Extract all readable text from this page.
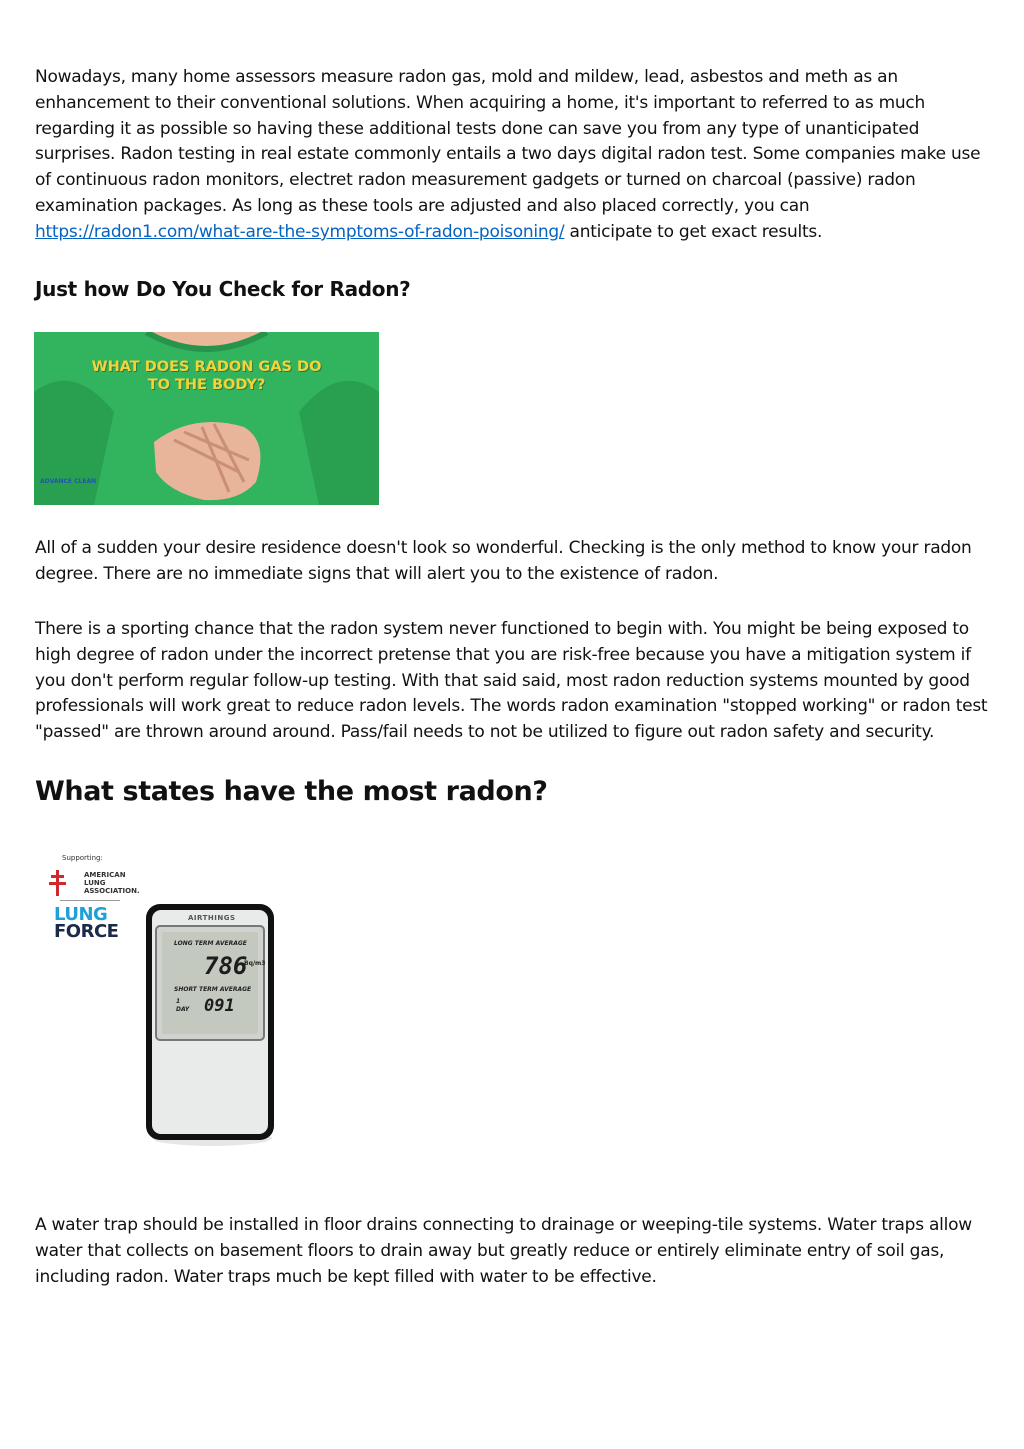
Nowadays, many home assessors measure radon gas, mold and mildew, lead, asbestos and meth as an enhancement to their conventional solutions. When acquiring a home, it's important to referred to as much regarding it as possible so having these additional tests done can save you from any type of unanticipated surprises. Radon testing in real estate commonly entails a two days digital radon test. Some companies make use of continuous radon monitors, electret radon measurement gadgets or turned on charcoal (passive) radon examination packages. As long as these tools are adjusted and also placed correctly, you can https://radon1.com/what-are-the-symptoms-of-radon-poisoning/ anticipate to get exact results.

Just how Do You Check for Radon?
WHAT DOES RADON GAS DO
TO THE BODY?
ADVANCE CLEAN

All of a sudden your desire residence doesn't look so wonderful. Checking is the only method to know your radon degree. There are no immediate signs that will alert you to the existence of radon.

There is a sporting chance that the radon system never functioned to begin with. You might be being exposed to high degree of radon under the incorrect pretense that you are risk-free because you have a mitigation system if you don't perform regular follow-up testing. With that said said, most radon reduction systems mounted by good professionals will work great to reduce radon levels. The words radon examination "stopped working" or radon test "passed" are thrown around around. Pass/fail needs to not be utilized to figure out radon safety and security.

What states have the most radon?
Supporting:
AMERICAN
LUNG
ASSOCIATION.
LUNG
FORCE
AIRTHINGS
LONG TERM AVERAGE
786
SHORT TERM AVERAGE
1
DAY 091
Bq/m3

A water trap should be installed in floor drains connecting to drainage or weeping-tile systems. Water traps allow water that collects on basement floors to drain away but greatly reduce or entirely eliminate entry of soil gas, including radon. Water traps much be kept filled with water to be effective.
